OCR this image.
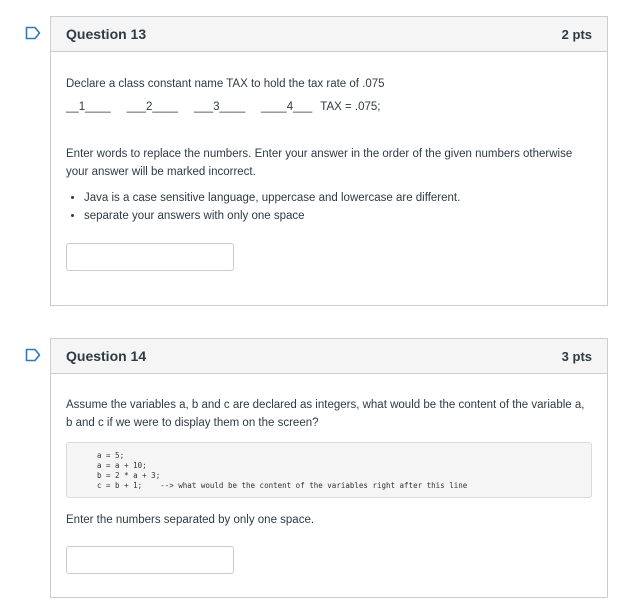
Question 13	2 pts
Declare a class constant name TAX to hold the tax rate of .075
__1____ ___2____ ___3____ ____4___ TAX = .075;
Enter words to replace the numbers. Enter your answer in the order of the given numbers otherwise your answer will be marked incorrect.
• Java is a case sensitive language, uppercase and lowercase are different.
• separate your answers with only one space
Question 14	3 pts
Assume the variables a, b and c are declared as integers, what would be the content of the variable a, b and c if we were to display them on the screen?
a = 5;
a = a + 10;
b = 2 * a + 3;
c = b + 1;    --> what would be the content of the variables right after this line
Enter the numbers separated by only one space.
